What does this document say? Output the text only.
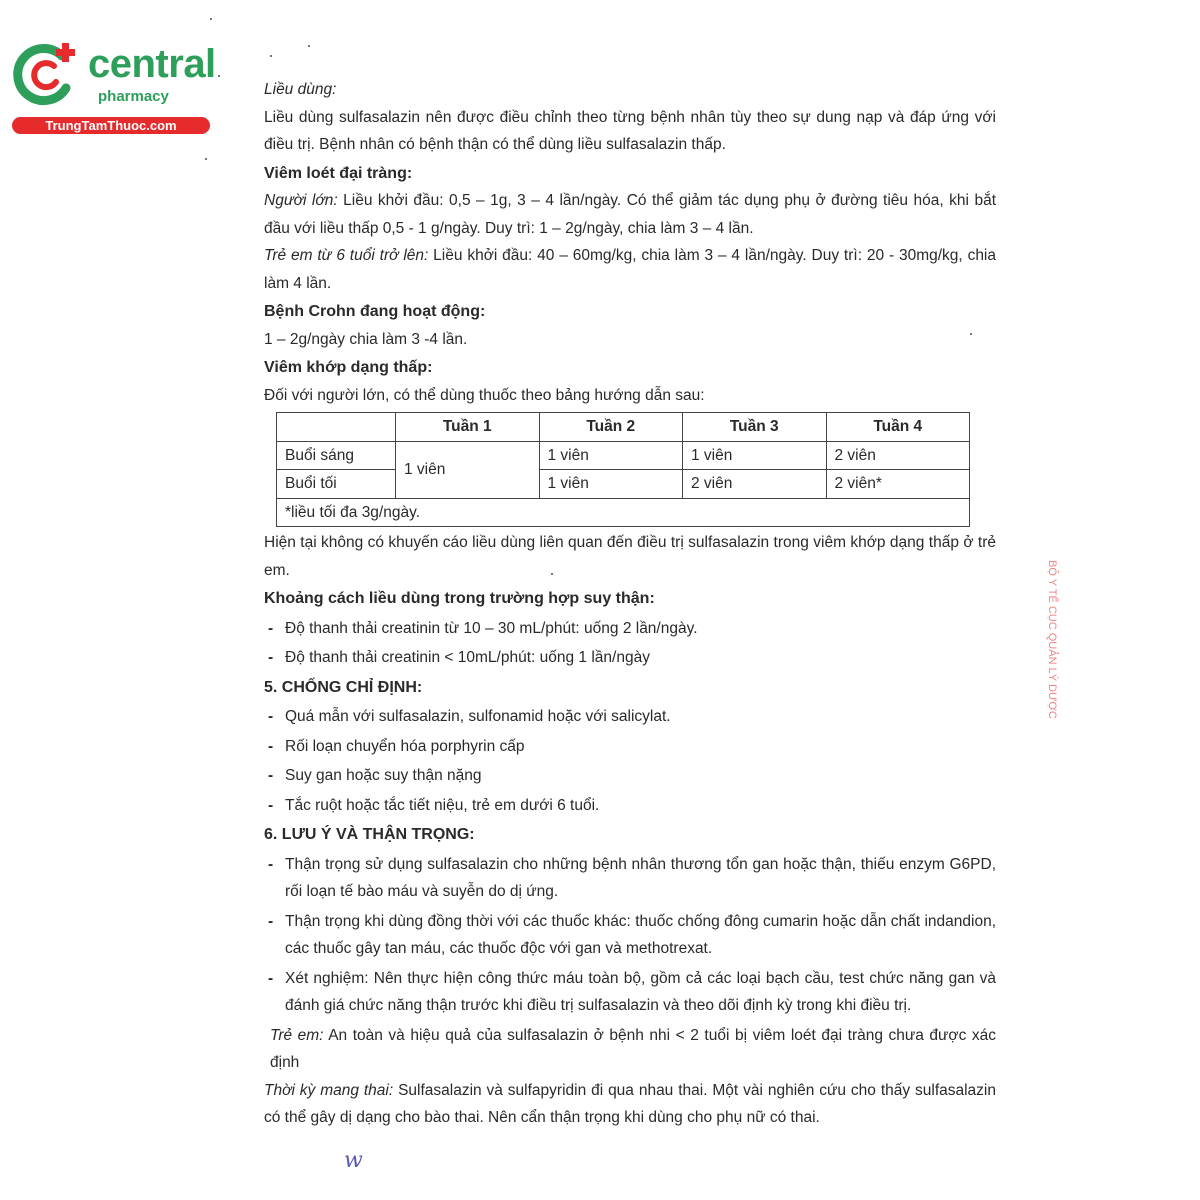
central
pharmacy
TrungTamThuoc.com

Liều dùng:

Liều dùng sulfasalazin nên được điều chỉnh theo từng bệnh nhân tùy theo sự dung nạp và đáp ứng với điều trị. Bệnh nhân có bệnh thận có thể dùng liều sulfasalazin thấp.

Viêm loét đại tràng:

Người lớn: Liều khởi đầu: 0,5 – 1g, 3 – 4 lần/ngày. Có thể giảm tác dụng phụ ở đường tiêu hóa, khi bắt đầu với liều thấp 0,5 - 1 g/ngày. Duy trì: 1 – 2g/ngày, chia làm 3 – 4 lần.

Trẻ em từ 6 tuổi trở lên: Liều khởi đầu: 40 – 60mg/kg, chia làm 3 – 4 lần/ngày. Duy trì: 20 - 30mg/kg, chia làm 4 lần.

Bệnh Crohn đang hoạt động:

1 – 2g/ngày chia làm 3 -4 lần.

Viêm khớp dạng thấp:

Đối với người lớn, có thể dùng thuốc theo bảng hướng dẫn sau:

	Tuần 1	Tuần 2	Tuần 3	Tuần 4
Buổi sáng	1 viên	1 viên	1 viên	2 viên
Buổi tối		1 viên	2 viên	2 viên*
*liều tối đa 3g/ngày.				

Hiện tại không có khuyến cáo liều dùng liên quan đến điều trị sulfasalazin trong viêm khớp dạng thấp ở trẻ em.

Khoảng cách liều dùng trong trường hợp suy thận:

- Độ thanh thải creatinin từ 10 – 30 mL/phút: uống 2 lần/ngày.

- Độ thanh thải creatinin < 10mL/phút: uống 1 lần/ngày

5. CHỐNG CHỈ ĐỊNH:

- Quá mẫn với sulfasalazin, sulfonamid hoặc với salicylat.

- Rối loạn chuyển hóa porphyrin cấp

- Suy gan hoặc suy thận nặng

- Tắc ruột hoặc tắc tiết niệu, trẻ em dưới 6 tuổi.

6. LƯU Ý VÀ THẬN TRỌNG:

- Thận trọng sử dụng sulfasalazin cho những bệnh nhân thương tổn gan hoặc thận, thiếu enzym G6PD, rối loạn tế bào máu và suyễn do dị ứng.

- Thận trọng khi dùng đồng thời với các thuốc khác: thuốc chống đông cumarin hoặc dẫn chất indandion, các thuốc gây tan máu, các thuốc độc với gan và methotrexat.

- Xét nghiệm: Nên thực hiện công thức máu toàn bộ, gồm cả các loại bạch cầu, test chức năng gan và đánh giá chức năng thận trước khi điều trị sulfasalazin và theo dõi định kỳ trong khi điều trị.

Trẻ em: An toàn và hiệu quả của sulfasalazin ở bệnh nhi < 2 tuổi bị viêm loét đại tràng chưa được xác định

Thời kỳ mang thai: Sulfasalazin và sulfapyridin đi qua nhau thai. Một vài nghiên cứu cho thấy sulfasalazin có thể gây dị dạng cho bào thai. Nên cẩn thận trọng khi dùng cho phụ nữ có thai.

w
BỘ Y TẾ CỤC QUẢN LÝ DƯỢC
